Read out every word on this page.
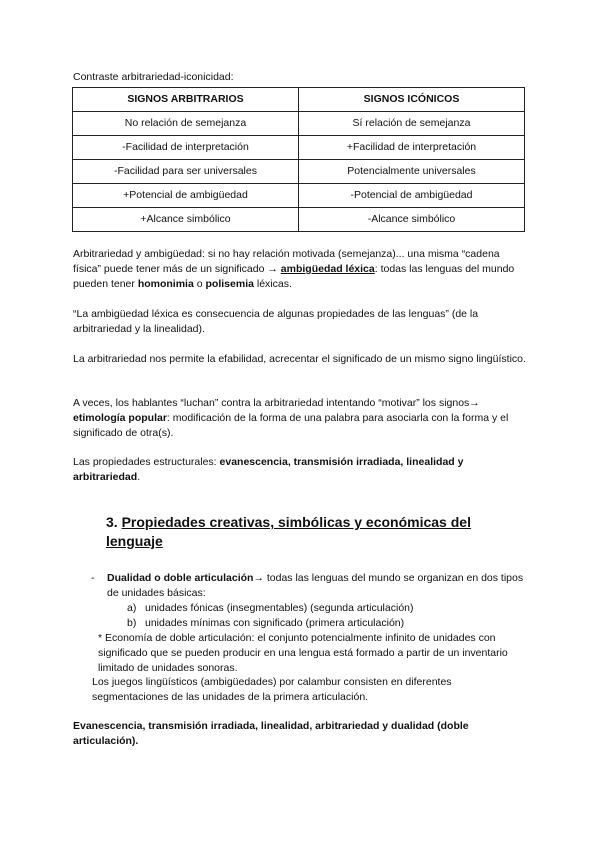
Contraste arbitrariedad-iconicidad:
SIGNOS ARBITRARIOS	SIGNOS ICÓNICOS
No relación de semejanza	Sí relación de semejanza
-Facilidad de interpretación	+Facilidad de interpretación
-Facilidad para ser universales	Potencialmente universales
+Potencial de ambigüedad	-Potencial de ambigüedad
+Alcance simbólico	-Alcance simbólico

Arbitrariedad y ambigüedad: si no hay relación motivada (semejanza)... una misma “cadena física” puede tener más de un significado → ambigüedad léxica: todas las lenguas del mundo pueden tener homonimia o polisemia léxicas.

“La ambigüedad léxica es consecuencia de algunas propiedades de las lenguas” (de la arbitrariedad y la linealidad).

La arbitrariedad nos permite la efabilidad, acrecentar el significado de un mismo signo lingüístico.

A veces, los hablantes “luchan” contra la arbitrariedad intentando “motivar” los signos→ etimología popular: modificación de la forma de una palabra para asociarla con la forma y el significado de otra(s).

Las propiedades estructurales: evanescencia, transmisión irradiada, linealidad y arbitrariedad.

3. Propiedades creativas, simbólicas y económicas del lenguaje
- Dualidad o doble articulación→ todas las lenguas del mundo se organizan en dos tipos de unidades básicas:
a) unidades fónicas (insegmentables) (segunda articulación)
b) unidades mínimas con significado (primera articulación)
* Economía de doble articulación: el conjunto potencialmente infinito de unidades con significado que se pueden producir en una lengua está formado a partir de un inventario limitado de unidades sonoras.
Los juegos lingüísticos (ambigüedades) por calambur consisten en diferentes segmentaciones de las unidades de la primera articulación.
Evanescencia, transmisión irradiada, linealidad, arbitrariedad y dualidad (doble articulación).
